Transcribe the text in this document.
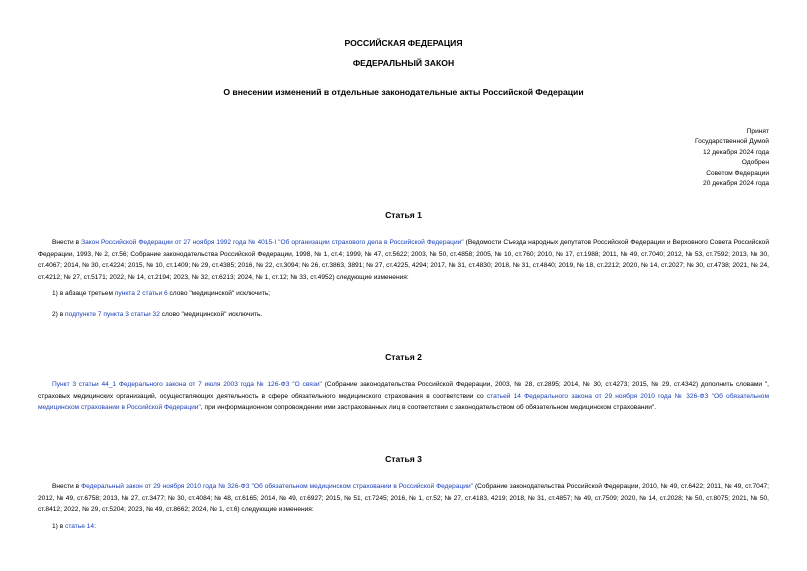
РОССИЙСКАЯ ФЕДЕРАЦИЯ
ФЕДЕРАЛЬНЫЙ ЗАКОН
О внесении изменений в отдельные законодательные акты Российской Федерации
Принят
Государственной Думой
12 декабря 2024 года
Одобрен
Советом Федерации
20 декабря 2024 года
Статья 1

Внести в Закон Российской Федерации от 27 ноября 1992 года № 4015-I "Об организации страхового дела в Российской Федерации" (Ведомости Съезда народных депутатов Российской Федерации и Верховного Совета Российской Федерации, 1993, № 2, ст.56; Собрание законодательства Российской Федерации, 1998, № 1, ст.4; 1999, № 47, ст.5622; 2003, № 50, ст.4858; 2005, № 10, ст.760; 2010, № 17, ст.1988; 2011, № 49, ст.7040; 2012, № 53, ст.7592; 2013, № 30, ст.4067; 2014, № 30, ст.4224; 2015, № 10, ст.1409; № 29, ст.4385; 2016, № 22, ст.3094; № 26, ст.3863, 3891; № 27, ст.4225, 4294; 2017, № 31, ст.4830; 2018, № 31, ст.4840; 2019, № 18, ст.2212; 2020, № 14, ст.2027; № 30, ст.4738; 2021, № 24, ст.4212; № 27, ст.5171; 2022, № 14, ст.2194; 2023, № 32, ст.6213; 2024, № 1, ст.12; № 33, ст.4952) следующие изменения:

1) в абзаце третьем пункта 2 статьи 6 слово "медицинской" исключить;

2) в подпункте 7 пункта 3 статьи 32 слово "медицинской" исключить.

Статья 2

Пункт 3 статьи 44_1 Федерального закона от 7 июля 2003 года № 126-ФЗ "О связи" (Собрание законодательства Российской Федерации, 2003, № 28, ст.2895; 2014, № 30, ст.4273; 2015, № 29, ст.4342) дополнить словами ", страховых медицинских организаций, осуществляющих деятельность в сфере обязательного медицинского страхования в соответствии со статьей 14 Федерального закона от 29 ноября 2010 года № 326-ФЗ "Об обязательном медицинском страховании в Российской Федерации", при информационном сопровождении ими застрахованных лиц в соответствии с законодательством об обязательном медицинском страховании".

Статья 3

Внести в Федеральный закон от 29 ноября 2010 года № 326-ФЗ "Об обязательном медицинском страховании в Российской Федерации" (Собрание законодательства Российской Федерации, 2010, № 49, ст.6422; 2011, № 49, ст.7047; 2012, № 49, ст.6758; 2013, № 27, ст.3477; № 30, ст.4084; № 48, ст.6165; 2014, № 49, ст.6927; 2015, № 51, ст.7245; 2016, № 1, ст.52; № 27, ст.4183, 4219; 2018, № 31, ст.4857; № 49, ст.7509; 2020, № 14, ст.2028; № 50, ст.8075; 2021, № 50, ст.8412; 2022, № 29, ст.5204; 2023, № 49, ст.8662; 2024, № 1, ст.6) следующие изменения:

1) в статье 14:
